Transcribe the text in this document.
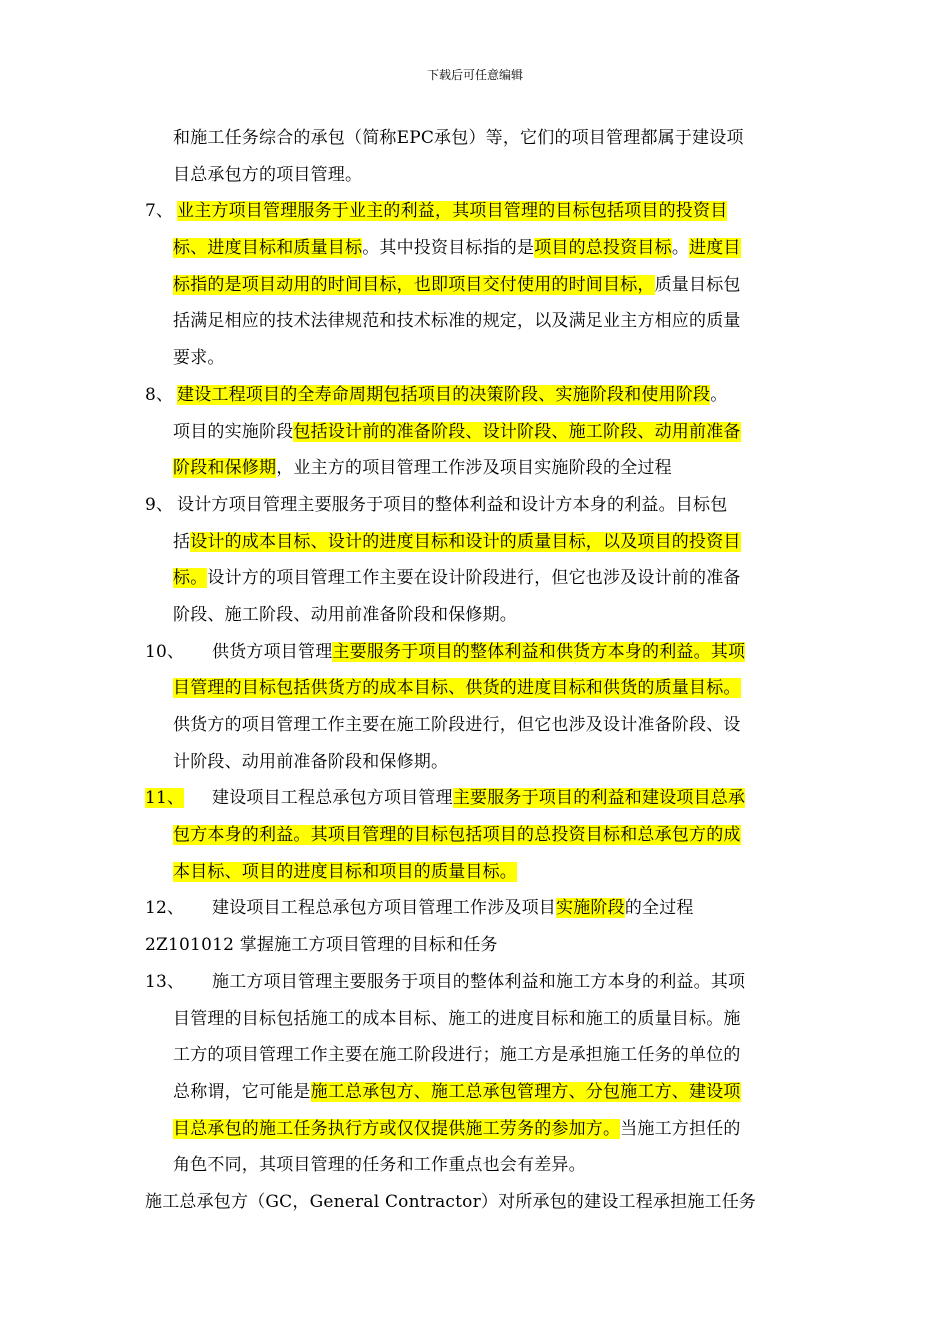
下载后可任意编辑
和施工任务综合的承包（简称EPC承包）等，它们的项目管理都属于建设项
目总承包方的项目管理。
7、 业主方项目管理服务于业主的利益，其项目管理的目标包括项目的投资目
标、进度目标和质量目标。其中投资目标指的是项目的总投资目标。进度目
标指的是项目动用的时间目标，也即项目交付使用的时间目标，质量目标包
括满足相应的技术法律规范和技术标准的规定，以及满足业主方相应的质量
要求。
8、 建设工程项目的全寿命周期包括项目的决策阶段、实施阶段和使用阶段。
项目的实施阶段包括设计前的准备阶段、设计阶段、施工阶段、动用前准备
阶段和保修期，业主方的项目管理工作涉及项目实施阶段的全过程
9、 设计方项目管理主要服务于项目的整体利益和设计方本身的利益。目标包
括设计的成本目标、设计的进度目标和设计的质量目标，以及项目的投资目
标。设计方的项目管理工作主要在设计阶段进行，但它也涉及设计前的准备
阶段、施工阶段、动用前准备阶段和保修期。
10、 供货方项目管理主要服务于项目的整体利益和供货方本身的利益。其项
目管理的目标包括供货方的成本目标、供货的进度目标和供货的质量目标。
供货方的项目管理工作主要在施工阶段进行，但它也涉及设计准备阶段、设
计阶段、动用前准备阶段和保修期。
11、 建设项目工程总承包方项目管理主要服务于项目的利益和建设项目总承
包方本身的利益。其项目管理的目标包括项目的总投资目标和总承包方的成
本目标、项目的进度目标和项目的质量目标。
12、 建设项目工程总承包方项目管理工作涉及项目实施阶段的全过程
2Z101012 掌握施工方项目管理的目标和任务
13、 施工方项目管理主要服务于项目的整体利益和施工方本身的利益。其项
目管理的目标包括施工的成本目标、施工的进度目标和施工的质量目标。施
工方的项目管理工作主要在施工阶段进行；施工方是承担施工任务的单位的
总称谓，它可能是施工总承包方、施工总承包管理方、分包施工方、建设项
目总承包的施工任务执行方或仅仅提供施工劳务的参加方。当施工方担任的
角色不同，其项目管理的任务和工作重点也会有差异。
施工总承包方（GC，General Contractor）对所承包的建设工程承担施工任务
